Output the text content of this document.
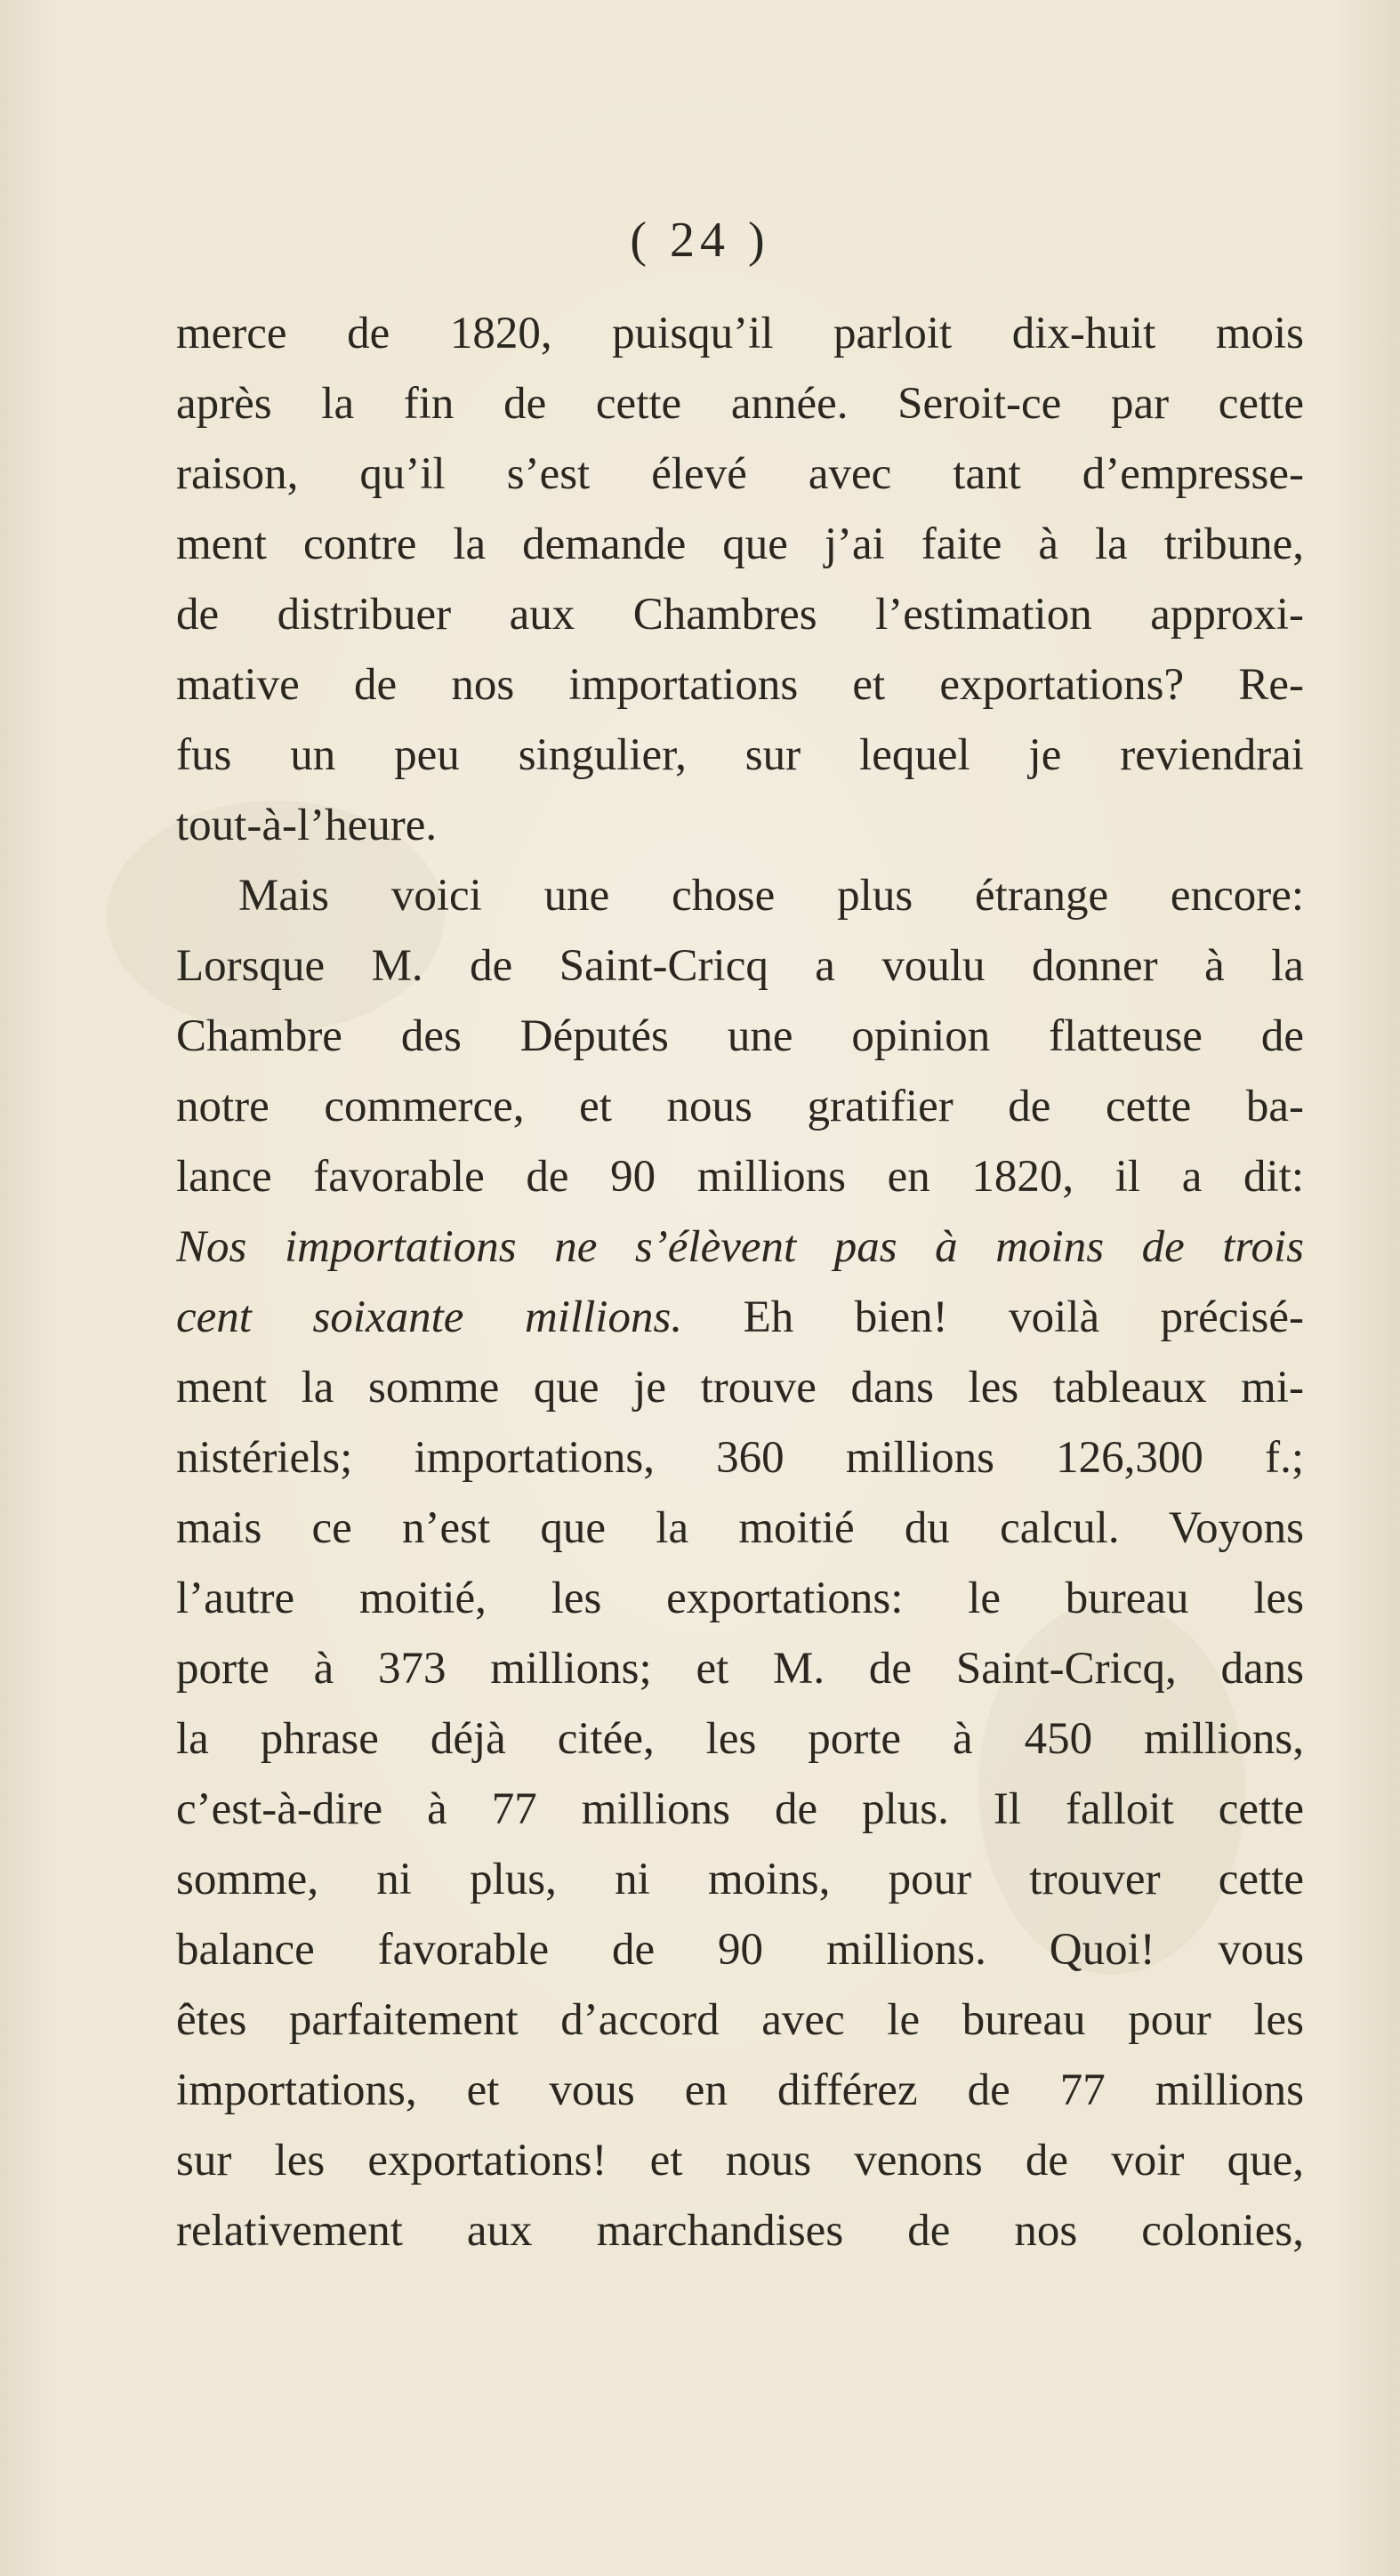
( 24 )
merce de 1820, puisqu’il parloit dix-huit mois
après la fin de cette année. Seroit-ce par cette
raison, qu’il s’est élevé avec tant d’empresse-
ment contre la demande que j’ai faite à la tribune,
de distribuer aux Chambres l’estimation approxi-
mative de nos importations et exportations? Re-
fus un peu singulier, sur lequel je reviendrai
tout-à-l’heure.
Mais voici une chose plus étrange encore:
Lorsque M. de Saint-Cricq a voulu donner à la
Chambre des Députés une opinion flatteuse de
notre commerce, et nous gratifier de cette ba-
lance favorable de 90 millions en 1820, il a dit:
Nos importations ne s’élèvent pas à moins de trois
cent soixante millions. Eh bien! voilà précisé-
ment la somme que je trouve dans les tableaux mi-
nistériels; importations, 360 millions 126,300 f.;
mais ce n’est que la moitié du calcul. Voyons
l’autre moitié, les exportations: le bureau les
porte à 373 millions; et M. de Saint-Cricq, dans
la phrase déjà citée, les porte à 450 millions,
c’est-à-dire à 77 millions de plus. Il falloit cette
somme, ni plus, ni moins, pour trouver cette
balance favorable de 90 millions. Quoi! vous
êtes parfaitement d’accord avec le bureau pour les
importations, et vous en différez de 77 millions
sur les exportations! et nous venons de voir que,
relativement aux marchandises de nos colonies,
